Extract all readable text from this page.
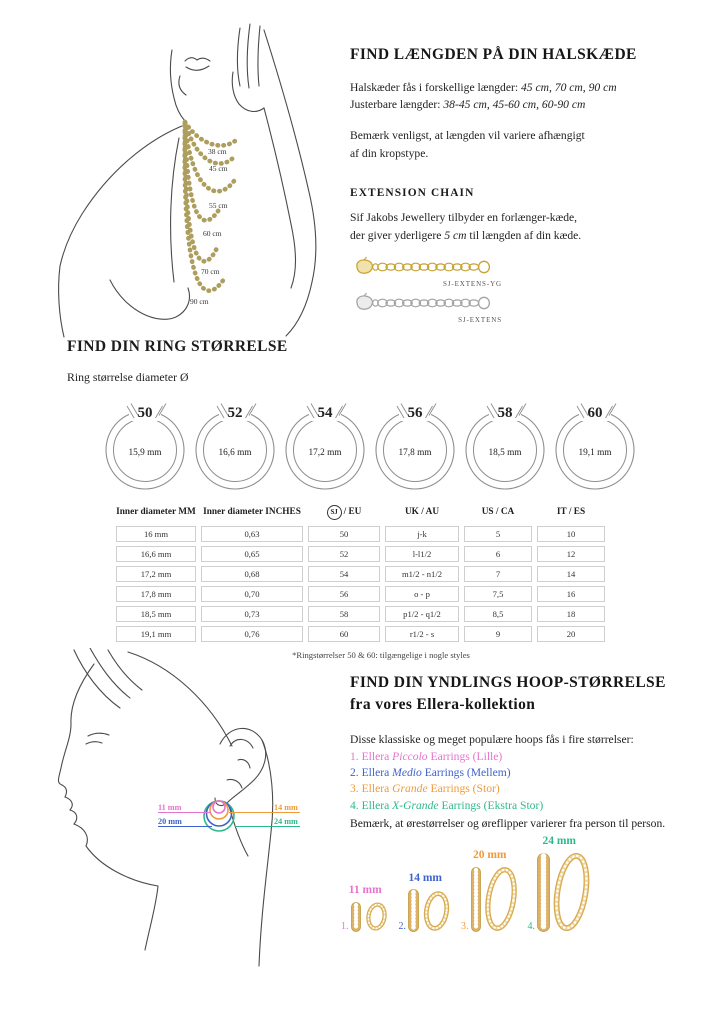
38 cm
45 cm
55 cm
60 cm
70 cm
90 cm
FIND LÆNGDEN PÅ DIN HALSKÆDE
Halskæder fås i forskellige længder: 45 cm, 70 cm, 90 cm
Justerbare længder: 38-45 cm, 45-60 cm, 60-90 cm
Bemærk venligst, at længden vil variere afhængigt
af din kropstype.
EXTENSION CHAIN
Sif Jakobs Jewellery tilbyder en forlænger-kæde,
der giver yderligere 5 cm til længden af din kæde.
SJ-EXTENS-YG
SJ-EXTENS
FIND DIN RING STØRRELSE
Ring størrelse diameter Ø
50
15,9 mm
52
16,6 mm
54
17,2 mm
56
17,8 mm
58
18,5 mm
60
19,1 mm
Inner diameter MM Inner diameter INCHES	SJ / EU	UK / AU	US / CA	IT / ES
16 mm	0,63	50	j-k	5	10
16,6 mm	0,65	52	l-l1/2	6	12
17,2 mm	0,68	54	m1/2 - n1/2	7	14
17,8 mm	0,70	56	o - p	7,5	16
18,5 mm	0,73	58	p1/2 - q1/2	8,5	18
19,1 mm	0,76	60	r1/2 - s	9	20
*Ringstørrelser 50 & 60: tilgængelige i nogle styles
11 mm
20 mm
14 mm
24 mm
FIND DIN YNDLINGS HOOP-STØRRELSE
fra vores Ellera-kollektion
Disse klassiske og meget populære hoops fås i fire størrelser:
1. Ellera Piccolo Earrings (Lille)
2. Ellera Medio Earrings (Mellem)
3. Ellera Grande Earrings (Stor)
4. Ellera X-Grande Earrings (Ekstra Stor)
Bemærk, at ørestørrelser og øreflipper varierer fra person til person.
11 mm
1.
14 mm
2.
20 mm
3.
24 mm
4.
